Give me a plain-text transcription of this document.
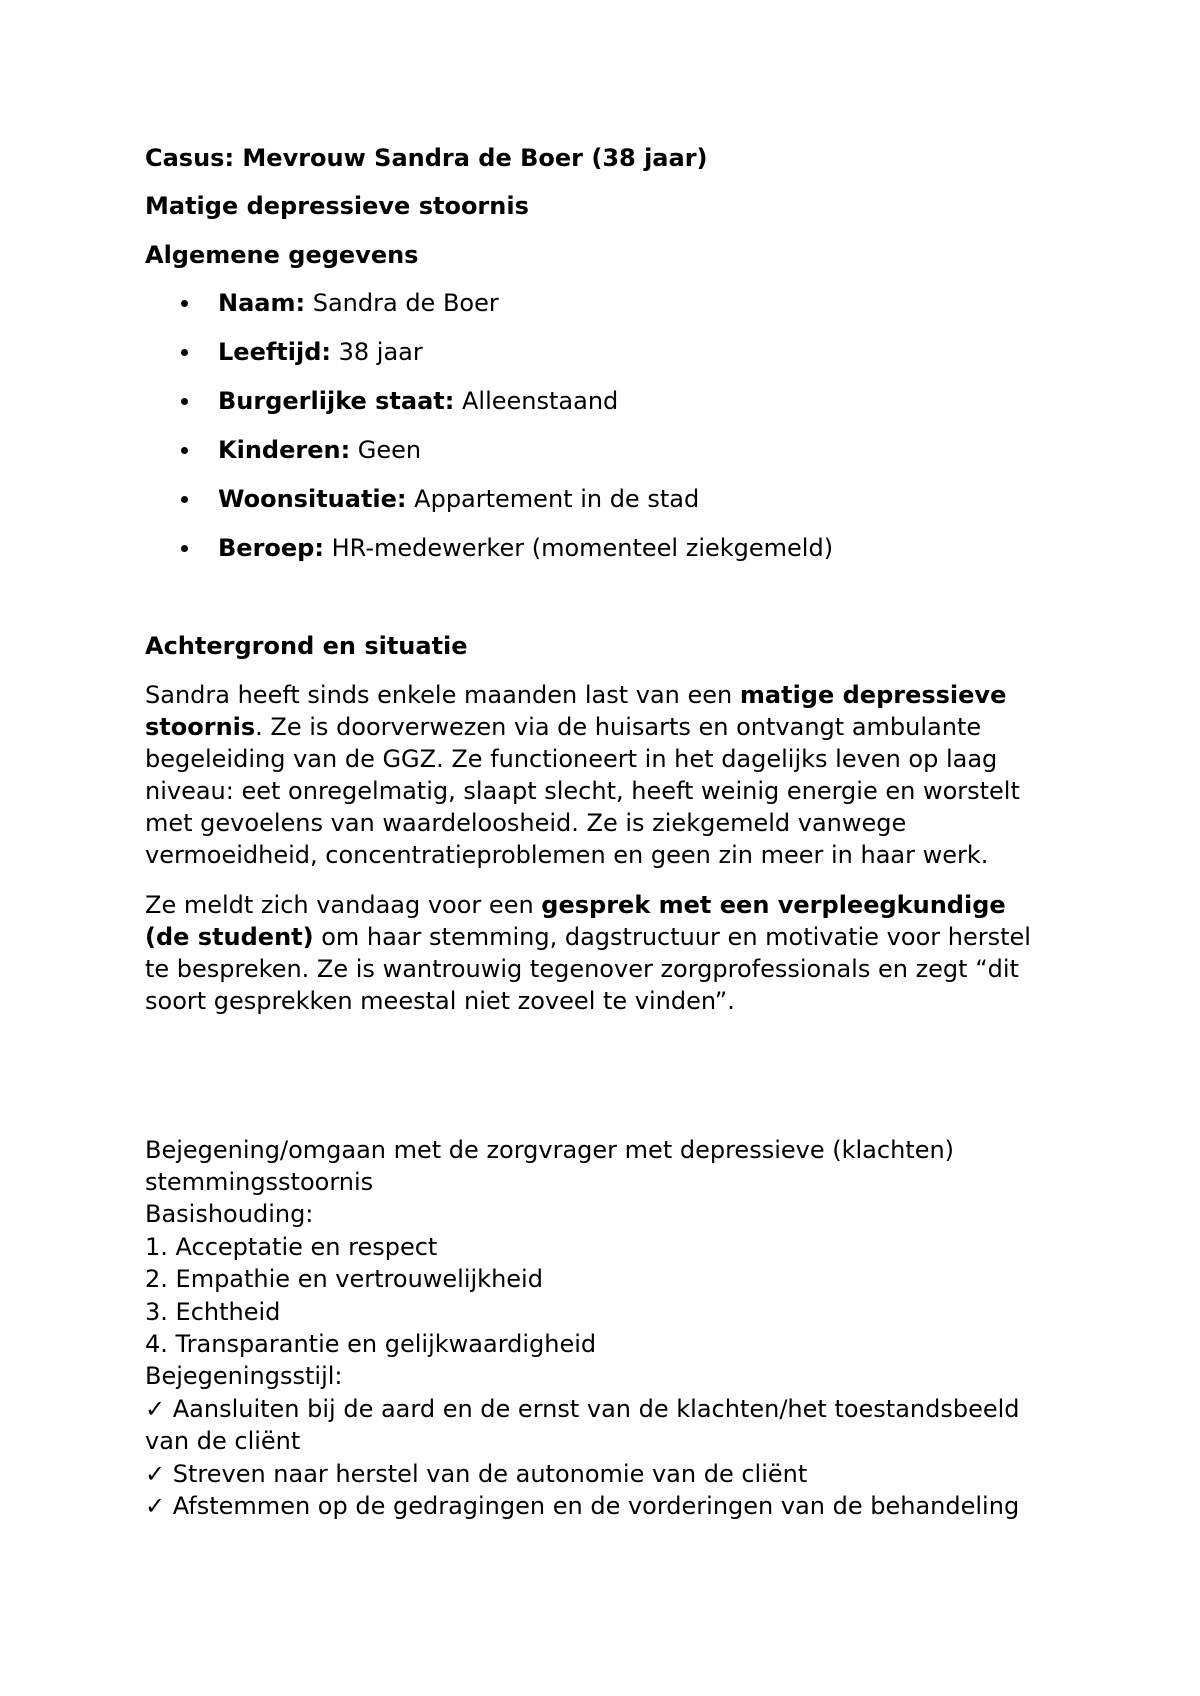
Casus: Mevrouw Sandra de Boer (38 jaar)

Matige depressieve stoornis

Algemene gegevens

Naam: Sandra de Boer

Leeftijd: 38 jaar

Burgerlijke staat: Alleenstaand

Kinderen: Geen

Woonsituatie: Appartement in de stad

Beroep: HR-medewerker (momenteel ziekgemeld)

Achtergrond en situatie

Sandra heeft sinds enkele maanden last van een matige depressieve

stoornis. Ze is doorverwezen via de huisarts en ontvangt ambulante

begeleiding van de GGZ. Ze functioneert in het dagelijks leven op laag

niveau: eet onregelmatig, slaapt slecht, heeft weinig energie en worstelt

met gevoelens van waardeloosheid. Ze is ziekgemeld vanwege

vermoeidheid, concentratieproblemen en geen zin meer in haar werk.

Ze meldt zich vandaag voor een gesprek met een verpleegkundige

(de student) om haar stemming, dagstructuur en motivatie voor herstel

te bespreken. Ze is wantrouwig tegenover zorgprofessionals en zegt “dit

soort gesprekken meestal niet zoveel te vinden”.

Bejegening/omgaan met de zorgvrager met depressieve (klachten)

stemmingsstoornis

Basishouding:

1. Acceptatie en respect

2. Empathie en vertrouwelijkheid

3. Echtheid

4. Transparantie en gelijkwaardigheid

Bejegeningsstijl:

✓ Aansluiten bij de aard en de ernst van de klachten/het toestandsbeeld

van de cliënt

✓ Streven naar herstel van de autonomie van de cliënt

✓ Afstemmen op de gedragingen en de vorderingen van de behandeling
